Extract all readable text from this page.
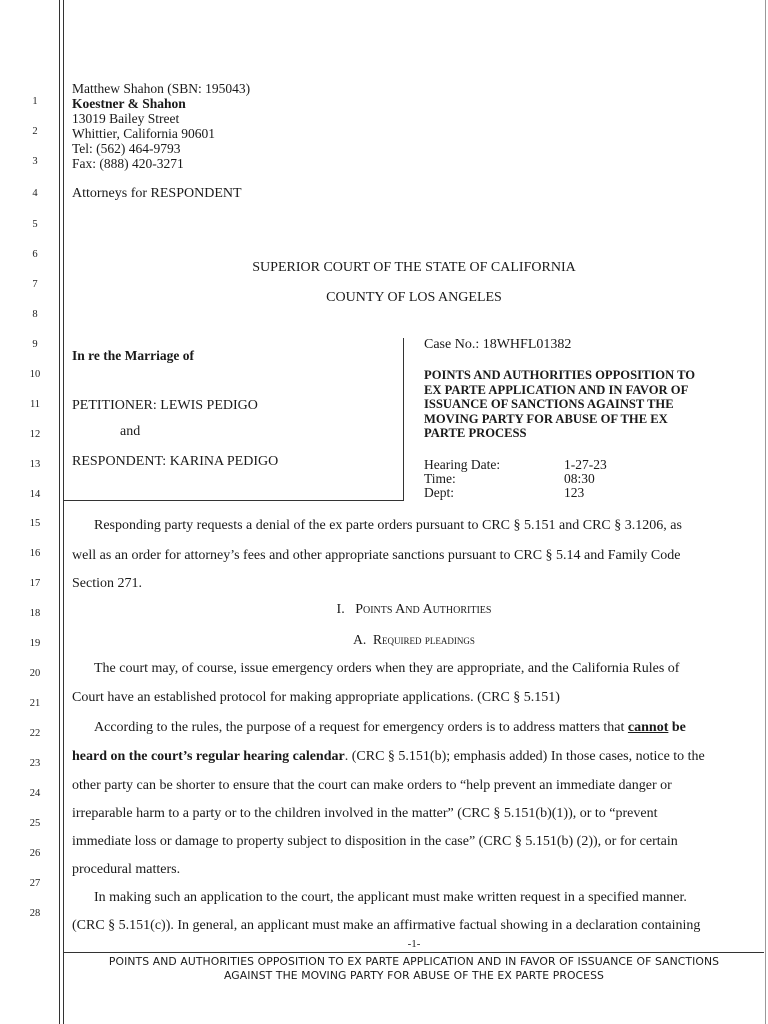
1
2
3
4
5
6
7
8
9
10
11
12
13
14
15
16
17
18
19
20
21
22
23
24
25
26
27
28
Matthew Shahon (SBN: 195043)
Koestner & Shahon
13019 Bailey Street
Whittier, California 90601
Tel: (562) 464-9793
Fax: (888) 420-3271
Attorneys for RESPONDENT
SUPERIOR COURT OF THE STATE OF CALIFORNIA
COUNTY OF LOS ANGELES
In re the Marriage of
PETITIONER: LEWIS PEDIGO
and
RESPONDENT: KARINA PEDIGO
Case No.: 18WHFL01382
POINTS AND AUTHORITIES OPPOSITION TO
EX PARTE APPLICATION AND IN FAVOR OF
ISSUANCE OF SANCTIONS AGAINST THE
MOVING PARTY FOR ABUSE OF THE EX
PARTE PROCESS
Hearing Date:	1-27-23
Time:	08:30
Dept:	123
Responding party requests a denial of the ex parte orders pursuant to CRC § 5.151 and CRC § 3.1206, as
well as an order for attorney’s fees and other appropriate sanctions pursuant to CRC § 5.14 and Family Code
Section 271.
I. Points And Authorities
A. Required pleadings
The court may, of course, issue emergency orders when they are appropriate, and the California Rules of
Court have an established protocol for making appropriate applications. (CRC § 5.151)
According to the rules, the purpose of a request for emergency orders is to address matters that cannot be
heard on the court’s regular hearing calendar. (CRC § 5.151(b); emphasis added) In those cases, notice to the
other party can be shorter to ensure that the court can make orders to “help prevent an immediate danger or
irreparable harm to a party or to the children involved in the matter” (CRC § 5.151(b)(1)), or to “prevent
immediate loss or damage to property subject to disposition in the case” (CRC § 5.151(b) (2)), or for certain
procedural matters.
In making such an application to the court, the applicant must make written request in a specified manner.
(CRC § 5.151(c)). In general, an applicant must make an affirmative factual showing in a declaration containing
-1-
POINTS AND AUTHORITIES OPPOSITION TO EX PARTE APPLICATION AND IN FAVOR OF ISSUANCE OF SANCTIONS
AGAINST THE MOVING PARTY FOR ABUSE OF THE EX PARTE PROCESS
